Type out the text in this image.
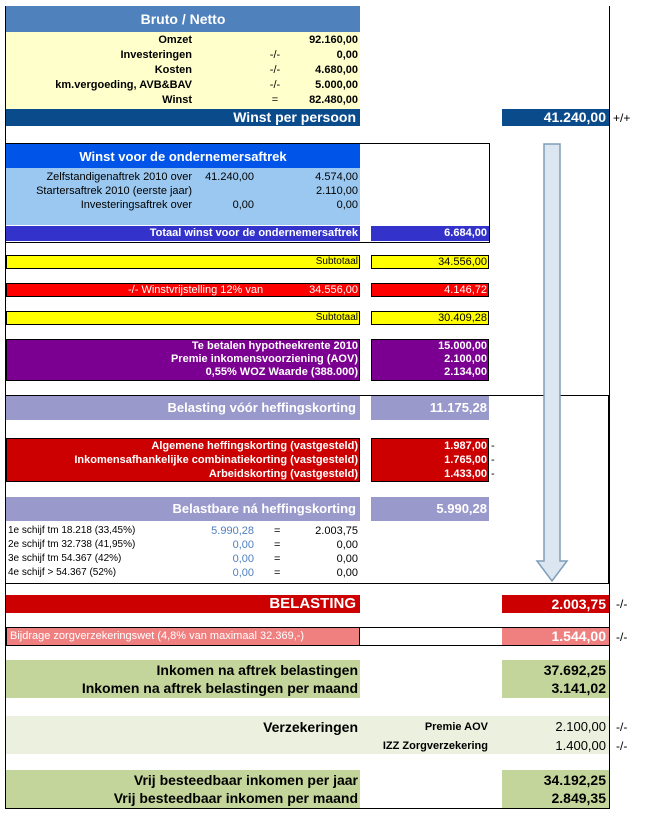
Bruto / Netto
Omzet	92.160,00
Investeringen	-/-	0,00
Kosten	-/-	4.680,00
km.vergoeding, AVB&BAV	-/-	5.000,00
Winst	=	82.480,00
Winst per persoon	41.240,00 +/+
Winst voor de ondernemersaftrek
Zelfstandigenaftrek 2010 over	41.240,00	4.574,00
Startersaftrek 2010 (eerste jaar)	2.110,00
Investeringsaftrek over	0,00	0,00
Totaal winst voor de ondernemersaftrek	6.684,00
Subtotaal	34.556,00
-/- Winstvrijstelling 12% van	34.556,00	4.146,72
Subtotaal	30.409,28
Te betalen hypotheekrente 2010	15.000,00
Premie inkomensvoorziening (AOV)	2.100,00
0,55% WOZ Waarde (388.000)	2.134,00
Belasting vóór heffingskorting	11.175,28
Algemene heffingskorting (vastgesteld)	1.987,00 -
Inkomensafhankelijke combinatiekorting (vastgesteld)	1.765,00 -
Arbeidskorting (vastgesteld)	1.433,00 -
Belastbare ná heffingskorting	5.990,28
1e schijf tm 18.218 (33,45%)	5.990,28 =	2.003,75
2e schijf tm 32.738 (41,95%)	0,00 =	0,00
3e schijf tm 54.367 (42%)	0,00 =	0,00
4e schijf > 54.367 (52%)	0,00 =	0,00
BELASTING	2.003,75 -/-
Bijdrage zorgverzekeringswet (4,8% van maximaal 32.369,-)	1.544,00 -/-
Inkomen na aftrek belastingen	37.692,25
Inkomen na aftrek belastingen per maand	3.141,02
Verzekeringen	Premie AOV	2.100,00 -/-
IZZ Zorgverzekering	1.400,00 -/-
Vrij besteedbaar inkomen per jaar	34.192,25
Vrij besteedbaar inkomen per maand	2.849,35
